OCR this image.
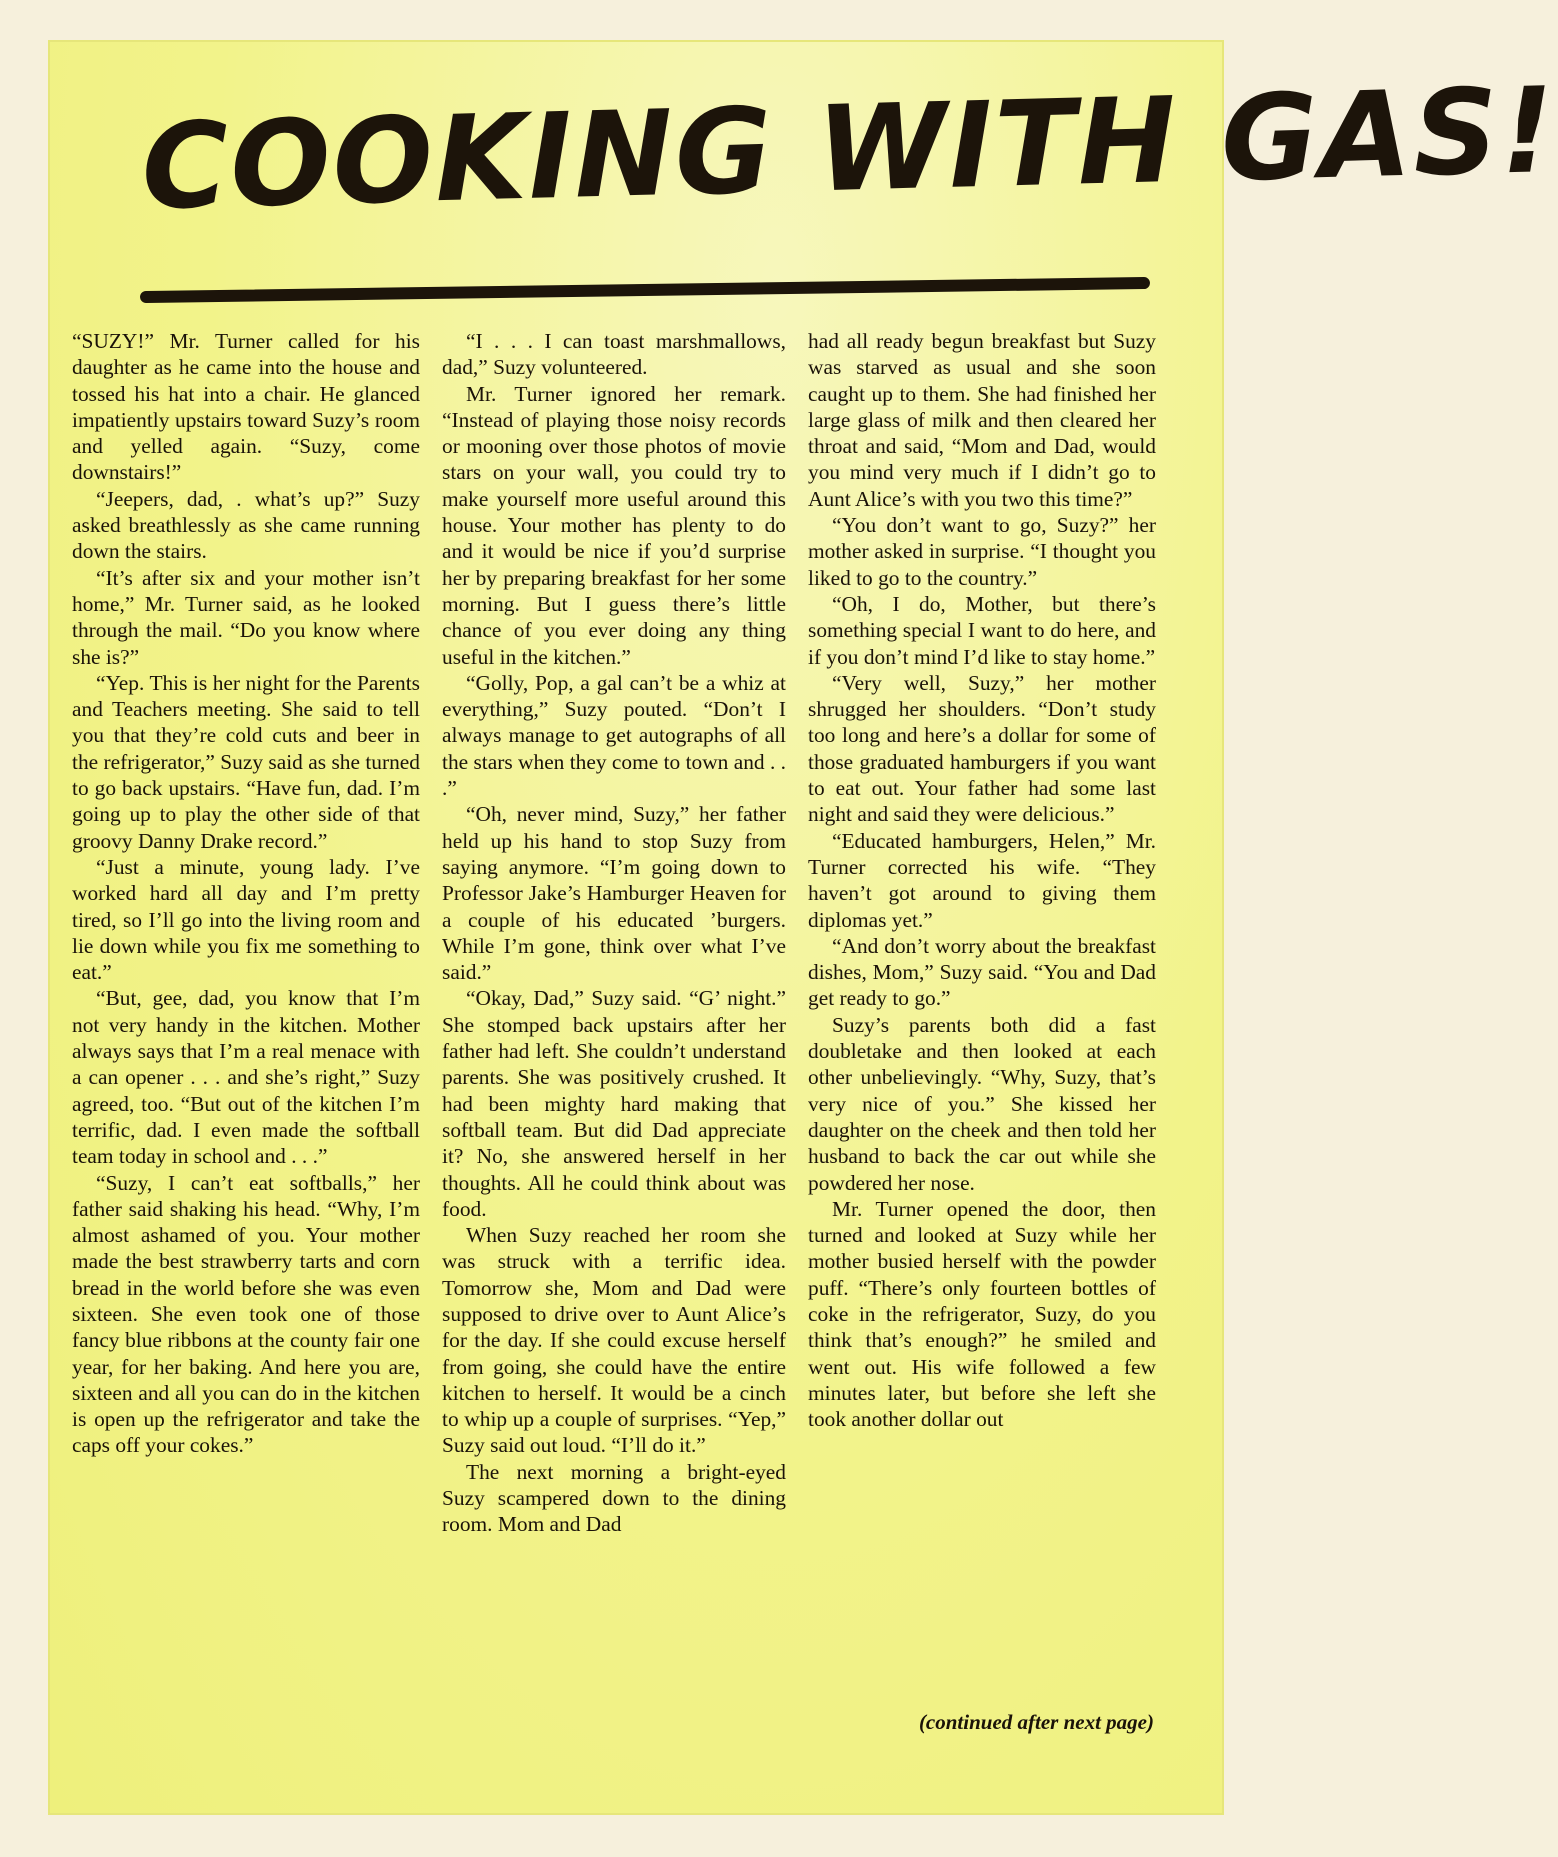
COOKING WITH GAS!

“SUZY!” Mr. Turner called for his daughter as he came into the house and tossed his hat into a chair. He glanced impatiently upstairs toward Suzy’s room and yelled again. “Suzy, come downstairs!”

“Jeepers, dad, . what’s up?” Suzy asked breathlessly as she came running down the stairs.

“It’s after six and your mother isn’t home,” Mr. Turner said, as he looked through the mail. “Do you know where she is?”

“Yep. This is her night for the Parents and Teachers meeting. She said to tell you that they’re cold cuts and beer in the refrigerator,” Suzy said as she turned to go back upstairs. “Have fun, dad. I’m going up to play the other side of that groovy Danny Drake record.”

“Just a minute, young lady. I’ve worked hard all day and I’m pretty tired, so I’ll go into the living room and lie down while you fix me something to eat.”

“But, gee, dad, you know that I’m not very handy in the kitchen. Mother always says that I’m a real menace with a can opener . . . and she’s right,” Suzy agreed, too. “But out of the kitchen I’m terrific, dad. I even made the softball team today in school and . . .”

“Suzy, I can’t eat softballs,” her father said shaking his head. “Why, I’m almost ashamed of you. Your mother made the best strawberry tarts and corn bread in the world before she was even sixteen. She even took one of those fancy blue ribbons at the county fair one year, for her baking. And here you are, sixteen and all you can do in the kitchen is open up the refrigerator and take the caps off your cokes.”

“I . . . I can toast marshmallows, dad,” Suzy volunteered.

Mr. Turner ignored her remark. “Instead of playing those noisy records or mooning over those photos of movie stars on your wall, you could try to make yourself more useful around this house. Your mother has plenty to do and it would be nice if you’d surprise her by preparing breakfast for her some morning. But I guess there’s little chance of you ever doing any thing useful in the kitchen.”

“Golly, Pop, a gal can’t be a whiz at everything,” Suzy pouted. “Don’t I always manage to get autographs of all the stars when they come to town and . . .”

“Oh, never mind, Suzy,” her father held up his hand to stop Suzy from saying anymore. “I’m going down to Professor Jake’s Hamburger Heaven for a couple of his educated ’burgers. While I’m gone, think over what I’ve said.”

“Okay, Dad,” Suzy said. “G’ night.” She stomped back upstairs after her father had left. She couldn’t understand parents. She was positively crushed. It had been mighty hard making that softball team. But did Dad appreciate it? No, she answered herself in her thoughts. All he could think about was food.

When Suzy reached her room she was struck with a terrific idea. Tomorrow she, Mom and Dad were supposed to drive over to Aunt Alice’s for the day. If she could excuse herself from going, she could have the entire kitchen to herself. It would be a cinch to whip up a couple of surprises. “Yep,” Suzy said out loud. “I’ll do it.”

The next morning a bright-eyed Suzy scampered down to the dining room. Mom and Dad

had all ready begun breakfast but Suzy was starved as usual and she soon caught up to them. She had finished her large glass of milk and then cleared her throat and said, “Mom and Dad, would you mind very much if I didn’t go to Aunt Alice’s with you two this time?”

“You don’t want to go, Suzy?” her mother asked in surprise. “I thought you liked to go to the country.”

“Oh, I do, Mother, but there’s something special I want to do here, and if you don’t mind I’d like to stay home.”

“Very well, Suzy,” her mother shrugged her shoulders. “Don’t study too long and here’s a dollar for some of those graduated hamburgers if you want to eat out. Your father had some last night and said they were delicious.”

“Educated hamburgers, Helen,” Mr. Turner corrected his wife. “They haven’t got around to giving them diplomas yet.”

“And don’t worry about the breakfast dishes, Mom,” Suzy said. “You and Dad get ready to go.”

Suzy’s parents both did a fast doubletake and then looked at each other unbelievingly. “Why, Suzy, that’s very nice of you.” She kissed her daughter on the cheek and then told her husband to back the car out while she powdered her nose.

Mr. Turner opened the door, then turned and looked at Suzy while her mother busied herself with the powder puff. “There’s only fourteen bottles of coke in the refrigerator, Suzy, do you think that’s enough?” he smiled and went out. His wife followed a few minutes later, but before she left she took another dollar out

(continued after next page)
